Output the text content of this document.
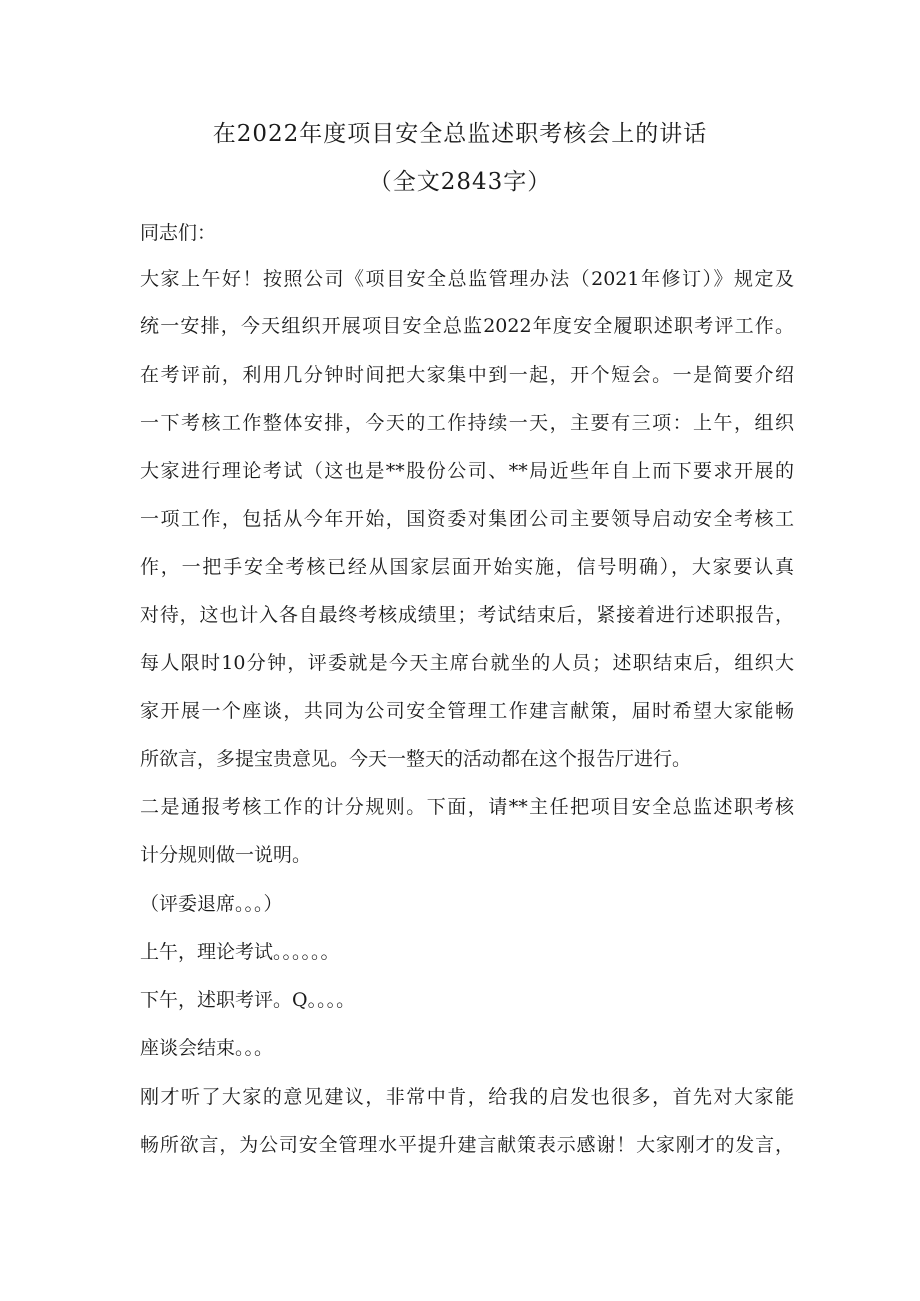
在2022年度项目安全总监述职考核会上的讲话
（全文2843字）
同志们：
大家上午好！按照公司《项目安全总监管理办法（2021年修订）》规定及
统一安排，今天组织开展项目安全总监2022年度安全履职述职考评工作。
在考评前，利用几分钟时间把大家集中到一起，开个短会。一是简要介绍
一下考核工作整体安排，今天的工作持续一天，主要有三项：上午，组织
大家进行理论考试（这也是**股份公司、**局近些年自上而下要求开展的
一项工作，包括从今年开始，国资委对集团公司主要领导启动安全考核工
作，一把手安全考核已经从国家层面开始实施，信号明确），大家要认真
对待，这也计入各自最终考核成绩里；考试结束后，紧接着进行述职报告，
每人限时10分钟，评委就是今天主席台就坐的人员；述职结束后，组织大
家开展一个座谈，共同为公司安全管理工作建言献策，届时希望大家能畅
所欲言，多提宝贵意见。今天一整天的活动都在这个报告厅进行。
二是通报考核工作的计分规则。下面，请**主任把项目安全总监述职考核
计分规则做一说明。
（评委退席。。。）
上午，理论考试。。。。。。
下午，述职考评。Q。。。。
座谈会结束。。。
刚才听了大家的意见建议，非常中肯，给我的启发也很多，首先对大家能
畅所欲言，为公司安全管理水平提升建言献策表示感谢！大家刚才的发言，
